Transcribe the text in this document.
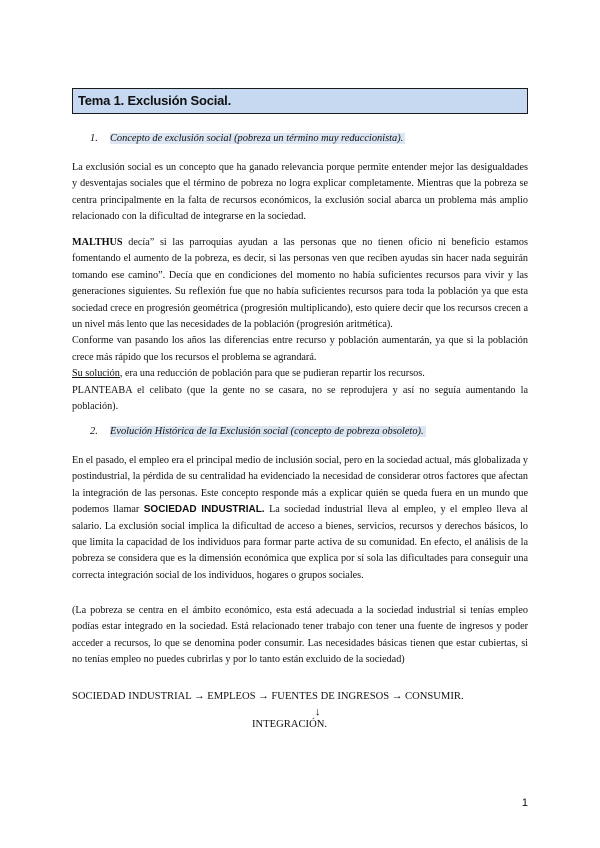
Tema 1. Exclusión Social.
1. Concepto de exclusión social (pobreza un término muy reduccionista).

La exclusión social es un concepto que ha ganado relevancia porque permite entender mejor las desigualdades y desventajas sociales que el término de pobreza no logra explicar completamente. Mientras que la pobreza se centra principalmente en la falta de recursos económicos, la exclusión social abarca un problema más amplio relacionado con la dificultad de integrarse en la sociedad.

MALTHUS decía” si las parroquias ayudan a las personas que no tienen oficio ni beneficio estamos fomentando el aumento de la pobreza, es decir, si las personas ven que reciben ayudas sin hacer nada seguirán tomando ese camino”. Decía que en condiciones del momento no había suficientes recursos para vivir y las generaciones siguientes. Su reflexión fue que no había suficientes recursos para toda la población ya que esta sociedad crece en progresión geométrica (progresión multiplicando), esto quiere decir que los recursos crecen a un nivel más lento que las necesidades de la población (progresión aritmética).

Conforme van pasando los años las diferencias entre recurso y población aumentarán, ya que si la población crece más rápido que los recursos el problema se agrandará.

Su solución, era una reducción de población para que se pudieran repartir los recursos.

PLANTEABA el celibato (que la gente no se casara, no se reprodujera y así no seguía aumentando la población).

2. Evolución Histórica de la Exclusión social (concepto de pobreza obsoleto).

En el pasado, el empleo era el principal medio de inclusión social, pero en la sociedad actual, más globalizada y postindustrial, la pérdida de su centralidad ha evidenciado la necesidad de considerar otros factores que afectan la integración de las personas. Este concepto responde más a explicar quién se queda fuera en un mundo que podemos llamar SOCIEDAD INDUSTRIAL. La sociedad industrial lleva al empleo, y el empleo lleva al salario. La exclusión social implica la dificultad de acceso a bienes, servicios, recursos y derechos básicos, lo que limita la capacidad de los individuos para formar parte activa de su comunidad. En efecto, el análisis de la pobreza se considera que es la dimensión económica que explica por sí sola las dificultades para conseguir una correcta integración social de los individuos, hogares o grupos sociales.

(La pobreza se centra en el ámbito económico, esta está adecuada a la sociedad industrial si tenías empleo podías estar integrado en la sociedad. Está relacionado tener trabajo con tener una fuente de ingresos y poder acceder a recursos, lo que se denomina poder consumir. Las necesidades básicas tienen que estar cubiertas, si no tenías empleo no puedes cubrirlas y por lo tanto están excluido de la sociedad)

SOCIEDAD INDUSTRIAL → EMPLEOS → FUENTES DE INGRESOS → CONSUMIR.
↓
INTEGRACIÓN.
1
